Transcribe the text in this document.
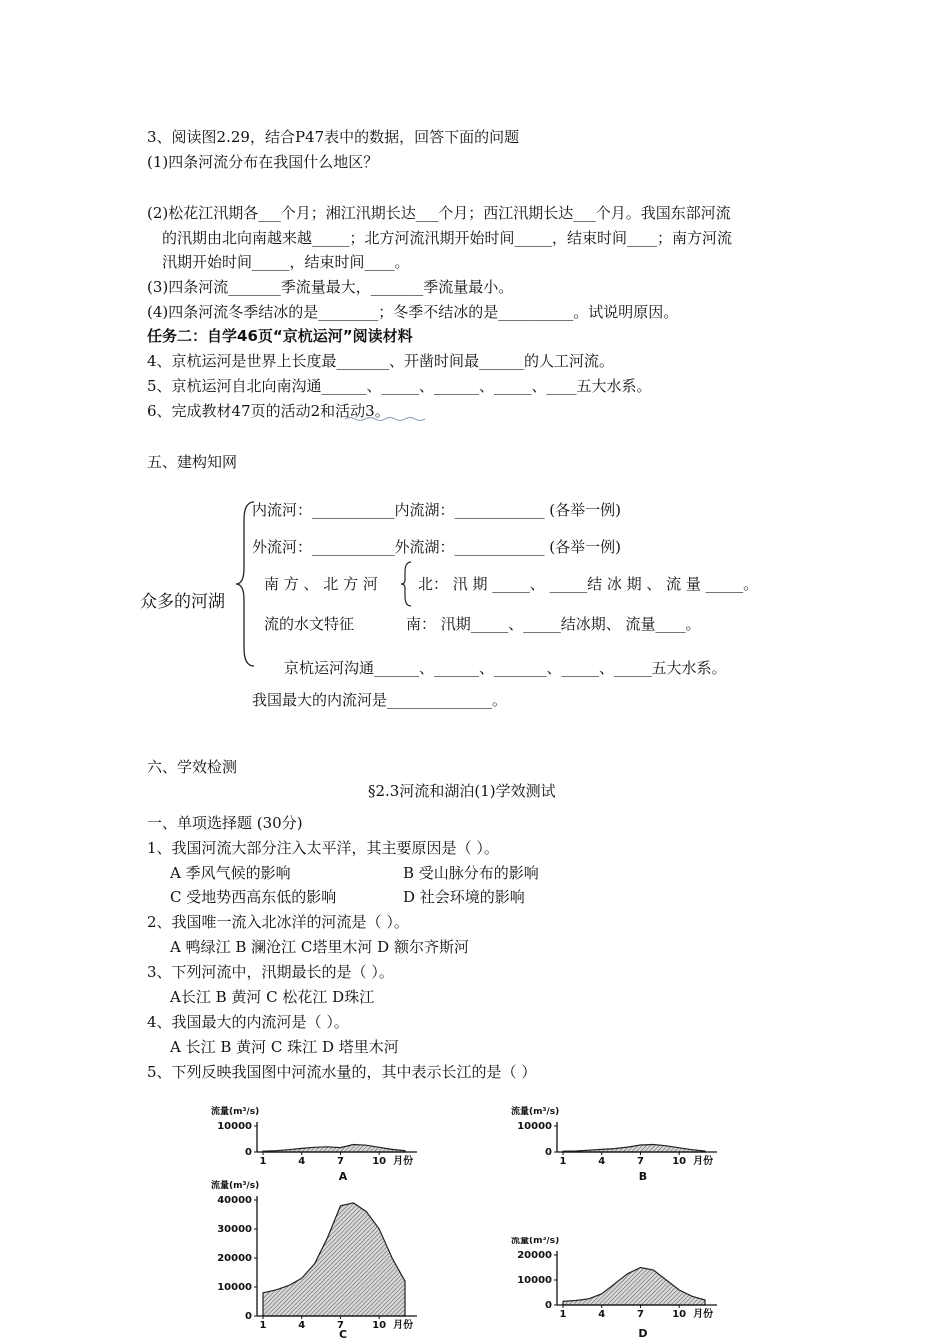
3、阅读图2.29，结合P47表中的数据，回答下面的问题
(1)四条河流分布在我国什么地区？
(2)松花江汛期各___个月；湘江汛期长达___个月；西江汛期长达___个月。我国东部河流
的汛期由北向南越来越_____；北方河流汛期开始时间_____，结束时间____；南方河流
汛期开始时间_____，结束时间____。
(3)四条河流_______季流量最大，_______季流量最小。
(4)四条河流冬季结冰的是________；冬季不结冰的是__________。试说明原因。
任务二：自学46页“京杭运河”阅读材料
4、京杭运河是世界上长度最_______、开凿时间最______的人工河流。
5、京杭运河自北向南沟通______、_____、______、_____、____五大水系。
6、完成教材47页的活动2和活动3。
五、建构知网
众多的河湖
内流河：___________内流湖：____________ (各举一例)
外流河：___________外流湖：____________ (各举一例)
南 方 、 北 方 河	北： 汛 期 _____、 _____结 冰 期 、 流 量 _____。
流的水文特征	南： 汛期_____、_____结冰期、 流量____。
京杭运河沟通______、______、_______、_____、_____五大水系。
我国最大的内流河是______________。
六、学效检测
§2.3河流和湖泊(1)学效测试
一、单项选择题 (30分)
1、我国河流大部分注入太平洋，其主要原因是（ ）。
A 季风气候的影响	B 受山脉分布的影响
C 受地势西高东低的影响	D 社会环境的影响
2、我国唯一流入北冰洋的河流是（ ）。
A 鸭绿江 B 澜沧江 C塔里木河 D 额尔齐斯河
3、下列河流中，汛期最长的是（ ）。
A长江 B 黄河 C 松花江 D珠江
4、我国最大的内流河是（ ）。
A 长江 B 黄河 C 珠江 D 塔里木河
5、下列反映我国图中河流水量的，其中表示长江的是（ ）
流量(m³/s)
10000
0
1	4	7	10 月份
A
流量(m³/s)
10000
0
1	4	7	10 月份
B
流量(m³/s)
40000
30000
20000
10000
0
1	4	7	10 月份
C
流量(m³/s)
20000
10000
0
1	4	7	10 月份
D
